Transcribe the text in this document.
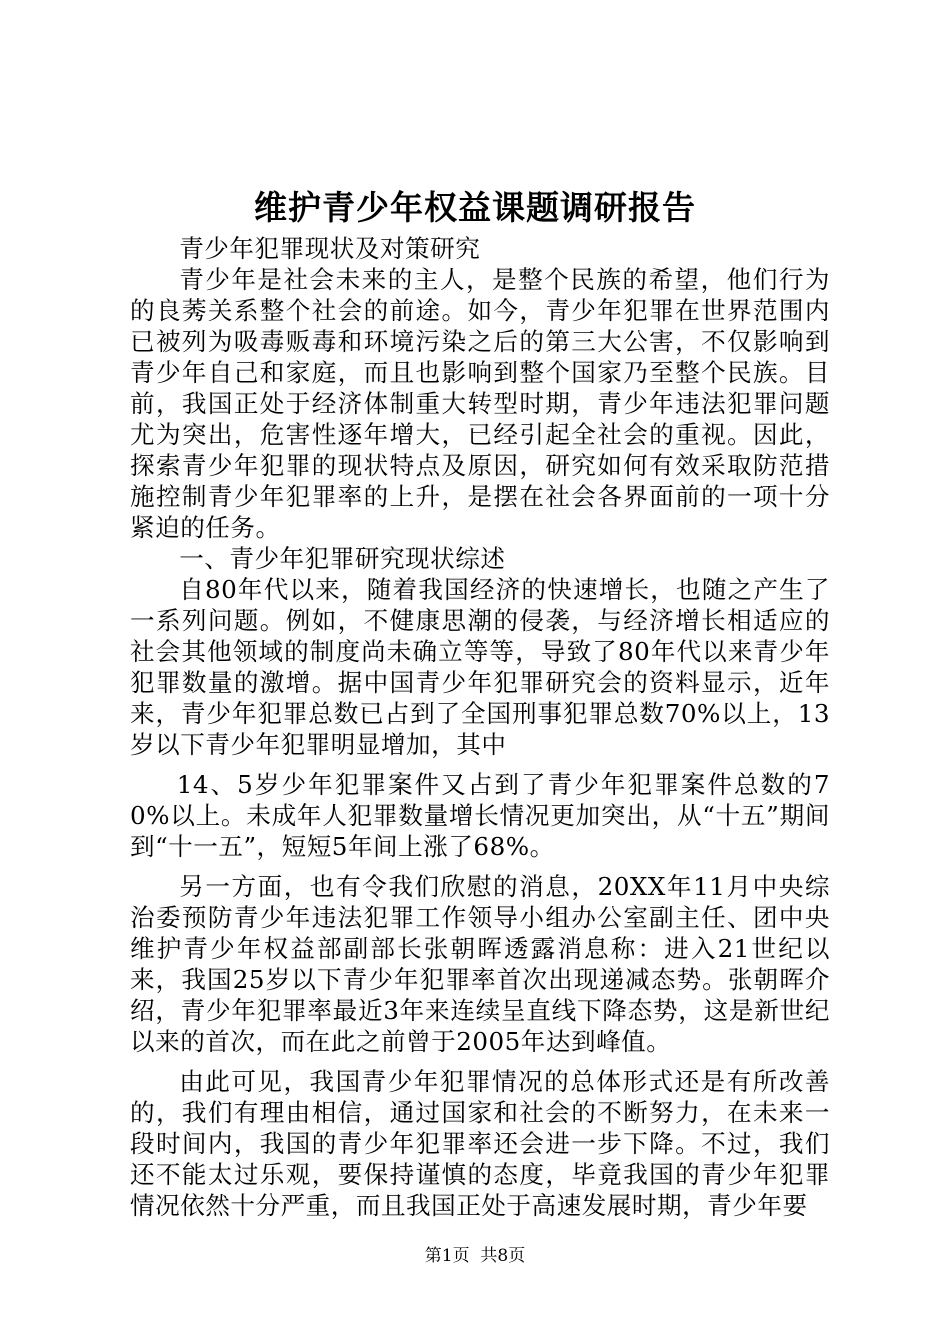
维护青少年权益课题调研报告

青少年犯罪现状及对策研究

青少年是社会未来的主人，是整个民族的希望，他们行为的良莠关系整个社会的前途。如今，青少年犯罪在世界范围内已被列为吸毒贩毒和环境污染之后的第三大公害，不仅影响到青少年自己和家庭，而且也影响到整个国家乃至整个民族。目前，我国正处于经济体制重大转型时期，青少年违法犯罪问题尤为突出，危害性逐年增大，已经引起全社会的重视。因此，探索青少年犯罪的现状特点及原因，研究如何有效采取防范措施控制青少年犯罪率的上升，是摆在社会各界面前的一项十分紧迫的任务。

一、青少年犯罪研究现状综述

自80年代以来，随着我国经济的快速增长，也随之产生了一系列问题。例如，不健康思潮的侵袭，与经济增长相适应的社会其他领域的制度尚未确立等等，导致了80年代以来青少年犯罪数量的激增。据中国青少年犯罪研究会的资料显示，近年来，青少年犯罪总数已占到了全国刑事犯罪总数70%以上，13岁以下青少年犯罪明显增加，其中

14、5岁少年犯罪案件又占到了青少年犯罪案件总数的70%以上。未成年人犯罪数量增长情况更加突出，从“十五”期间到“十一五”，短短5年间上涨了68%。

另一方面，也有令我们欣慰的消息，20XX年11月中央综治委预防青少年违法犯罪工作领导小组办公室副主任、团中央维护青少年权益部副部长张朝晖透露消息称：进入21世纪以来，我国25岁以下青少年犯罪率首次出现递减态势。张朝晖介绍，青少年犯罪率最近3年来连续呈直线下降态势，这是新世纪以来的首次，而在此之前曾于2005年达到峰值。

由此可见，我国青少年犯罪情况的总体形式还是有所改善的，我们有理由相信，通过国家和社会的不断努力，在未来一段时间内，我国的青少年犯罪率还会进一步下降。不过，我们还不能太过乐观，要保持谨慎的态度，毕竟我国的青少年犯罪情况依然十分严重，而且我国正处于高速发展时期，青少年要

第1页 共8页
